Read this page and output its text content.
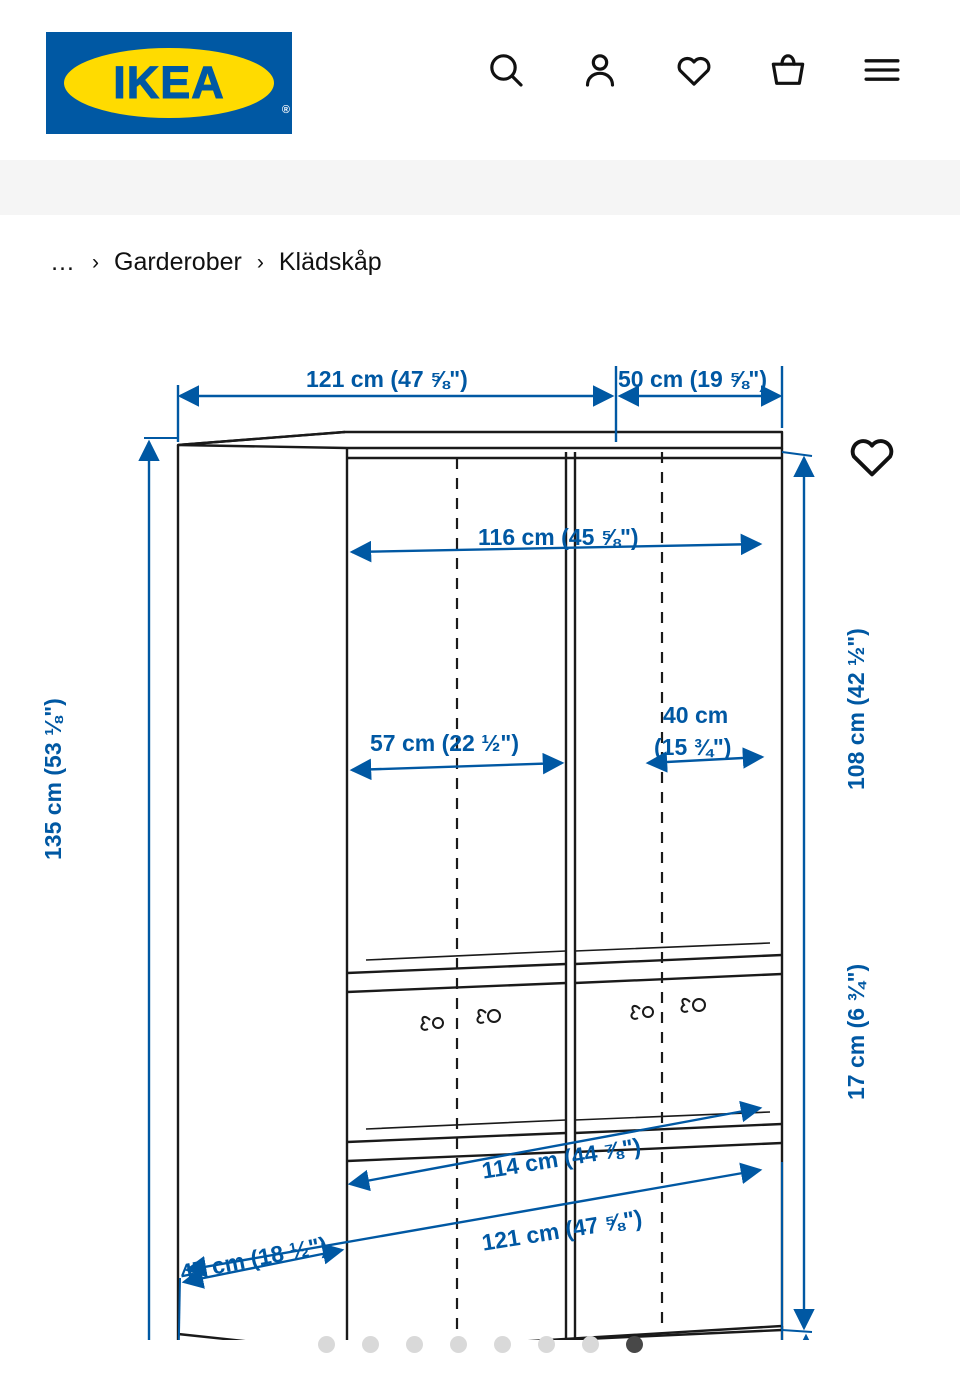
IKEA
®
… › Garderober › Klädskåp
121 cm (47 ⅝")	50 cm (19 ⅝")
116 cm (45 ⅝")
135 cm (53 ⅛")	108 cm (42 ½")
17 cm (6 ¾")
57 cm (22 ½")
40 cm
(15 ¾")
114 cm (44 ⅞")
121 cm (47 ⅝")
47 cm (18 ½")
